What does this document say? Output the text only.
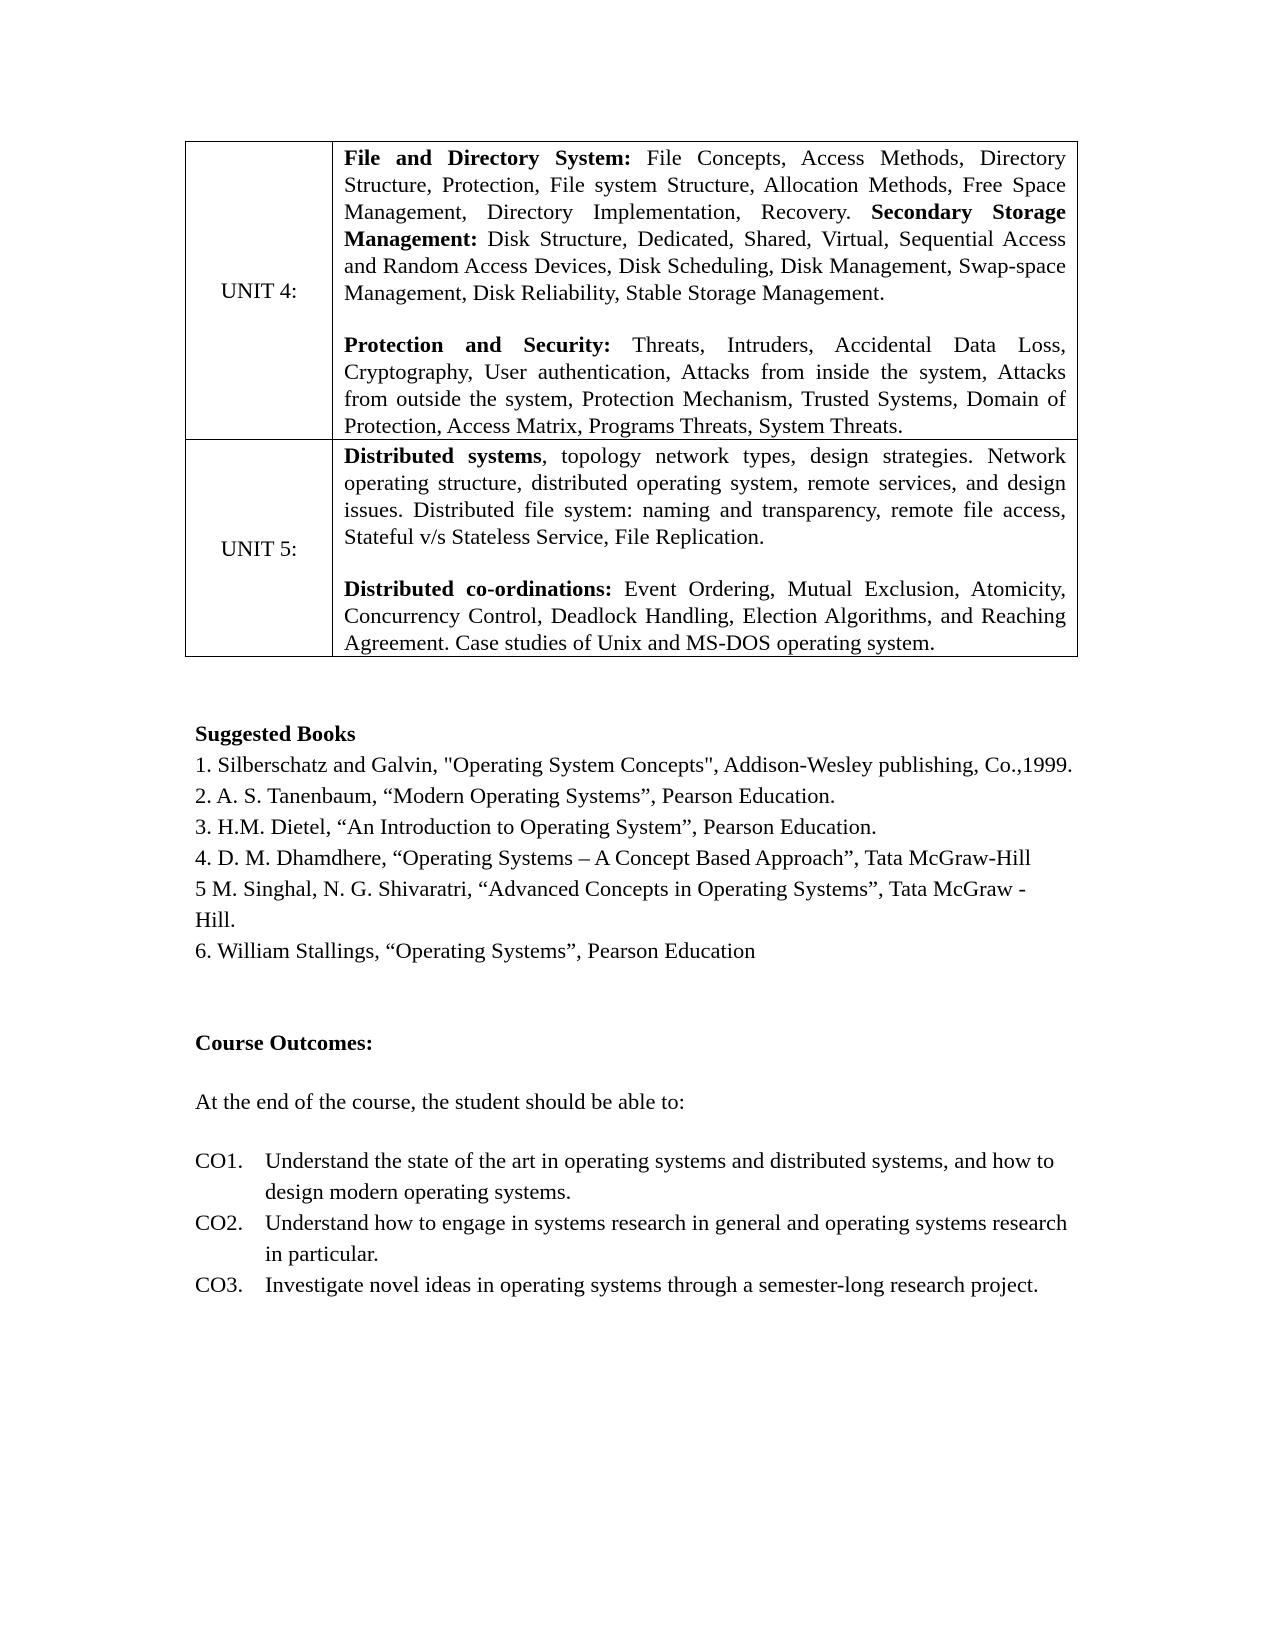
UNIT 4:	File and Directory System: File Concepts, Access Methods, Directory Structure, Protection, File system Structure, Allocation Methods, Free Space Management, Directory Implementation, Recovery. Secondary Storage Management: Disk Structure, Dedicated, Shared, Virtual, Sequential Access and Random Access Devices, Disk Scheduling, Disk Management, Swap-space Management, Disk Reliability, Stable Storage Management.

Protection and Security: Threats, Intruders, Accidental Data Loss, Cryptography, User authentication, Attacks from inside the system, Attacks from outside the system, Protection Mechanism, Trusted Systems, Domain of Protection, Access Matrix, Programs Threats, System Threats.

UNIT 5:	Distributed systems, topology network types, design strategies. Network operating structure, distributed operating system, remote services, and design issues. Distributed file system: naming and transparency, remote file access, Stateful v/s Stateless Service, File Replication.

Distributed co-ordinations: Event Ordering, Mutual Exclusion, Atomicity, Concurrency Control, Deadlock Handling, Election Algorithms, and Reaching Agreement. Case studies of Unix and MS-DOS operating system.

Suggested Books
1. Silberschatz and Galvin, "Operating System Concepts", Addison-Wesley publishing, Co.,1999.
2. A. S. Tanenbaum, “Modern Operating Systems”, Pearson Education.
3. H.M. Dietel, “An Introduction to Operating System”, Pearson Education.
4. D. M. Dhamdhere, “Operating Systems – A Concept Based Approach”, Tata McGraw-Hill
5 M. Singhal, N. G. Shivaratri, “Advanced Concepts in Operating Systems”, Tata McGraw -Hill.
6. William Stallings, “Operating Systems”, Pearson Education
Course Outcomes:
At the end of the course, the student should be able to:
CO1. Understand the state of the art in operating systems and distributed systems, and how to design modern operating systems.
CO2. Understand how to engage in systems research in general and operating systems research in particular.
CO3. Investigate novel ideas in operating systems through a semester-long research project.
